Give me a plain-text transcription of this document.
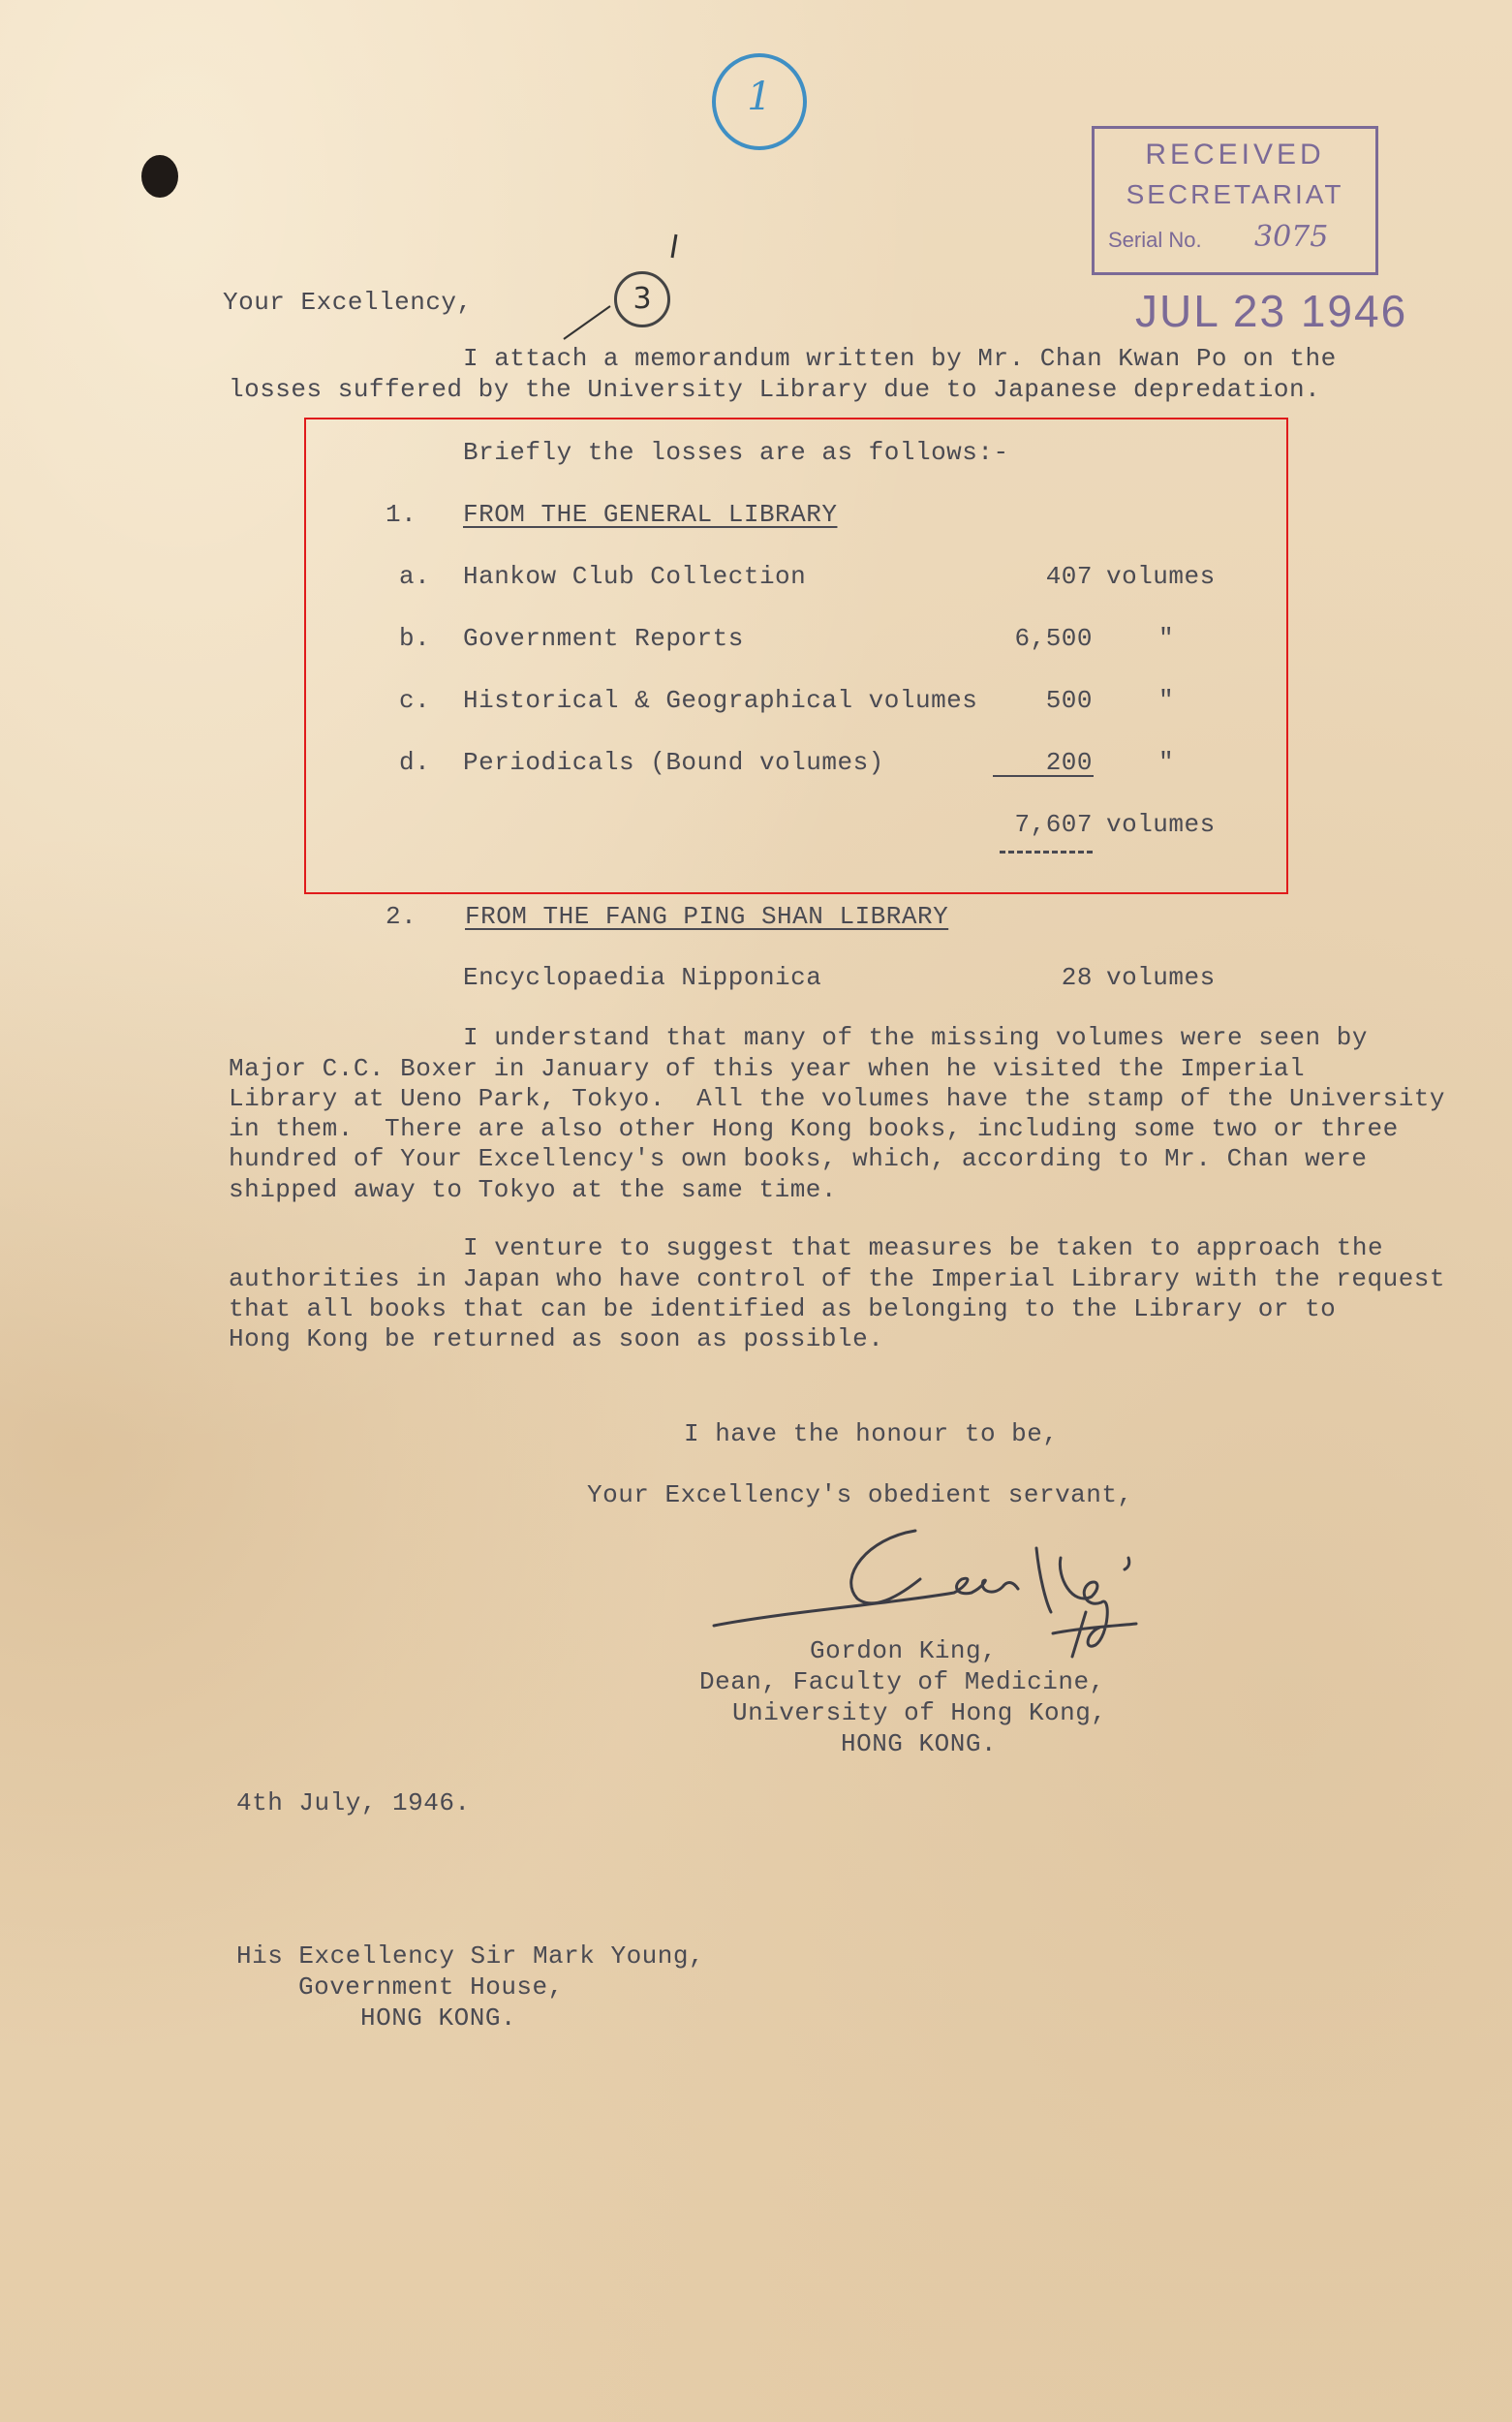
1
RECEIVED
SECRETARIAT
Serial No. 3075
JUL 23 1946
3
Your Excellency,
I attach a memorandum written by Mr. Chan Kwan Po on the
losses suffered by the University Library due to Japanese depredation.
Briefly the losses are as follows:-
1. FROM THE GENERAL LIBRARY
a. Hankow Club Collection	407 volumes
b. Government Reports	6,500	"
c. Historical & Geographical volumes	500	"
d. Periodicals (Bound volumes)	200	"
7,607 volumes
2. FROM THE FANG PING SHAN LIBRARY
Encyclopaedia Nipponica	28 volumes
I understand that many of the missing volumes were seen by
Major C.C. Boxer in January of this year when he visited the Imperial
Library at Ueno Park, Tokyo.  All the volumes have the stamp of the University
in them.  There are also other Hong Kong books, including some two or three
hundred of Your Excellency's own books, which, according to Mr. Chan were
shipped away to Tokyo at the same time.
I venture to suggest that measures be taken to approach the
authorities in Japan who have control of the Imperial Library with the request
that all books that can be identified as belonging to the Library or to
Hong Kong be returned as soon as possible.
I have the honour to be,
Your Excellency's obedient servant,
Gordon King,
Dean, Faculty of Medicine,
University of Hong Kong,
HONG KONG.
4th July, 1946.
His Excellency Sir Mark Young,
Government House,
HONG KONG.
